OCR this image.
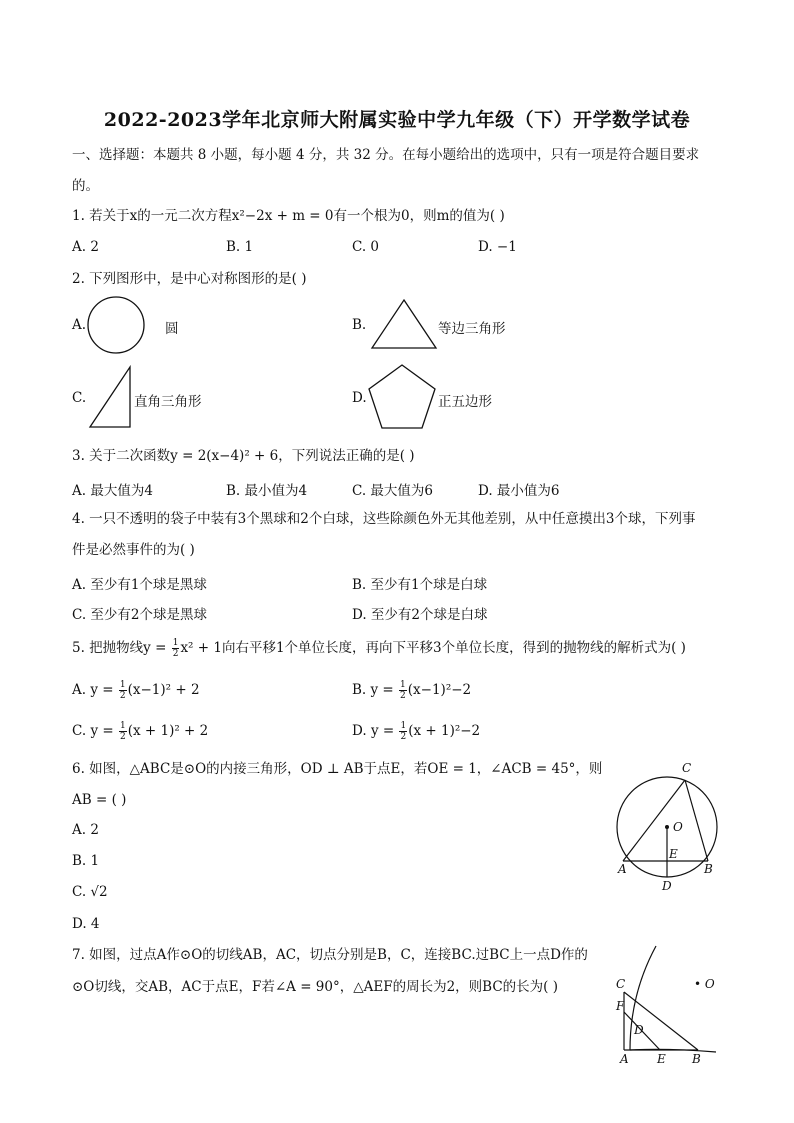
2022-2023学年北京师大附属实验中学九年级（下）开学数学试卷
一、选择题：本题共 8 小题，每小题 4 分，共 32 分。在每小题给出的选项中，只有一项是符合题目要求
的。
1. 若关于x的一元二次方程x²−2x + m = 0有一个根为0，则m的值为( )
A. 2	B. 1	C. 0	D. −1
2. 下列图形中，是中心对称图形的是( )
A.	圆	B.	等边三角形
C.	直角三角形	D.	正五边形
3. 关于二次函数y = 2(x−4)² + 6，下列说法正确的是( )
A. 最大值为4	B. 最小值为4	C. 最大值为6	D. 最小值为6
4. 一只不透明的袋子中装有3个黑球和2个白球，这些除颜色外无其他差别，从中任意摸出3个球，下列事
件是必然事件的为( )
A. 至少有1个球是黑球	B. 至少有1个球是白球
C. 至少有2个球是黑球	D. 至少有2个球是白球
5. 把抛物线$y = \frac{1}{2} x^2 + 1$向右平移1个单位长度，再向下平移3个单位长度，得到的抛物线的解析式为( )
A. $y = \frac{1}{2} (x-1)^2 + 2$	B. $y = \frac{1}{2} (x-1)^2-2$
C. $y = \frac{1}{2} (x + 1)^2 + 2$	D. $y = \frac{1}{2} (x + 1)^2-2$
6. 如图，△ABC是⊙O的内接三角形，OD ⊥ AB于点E，若OE = 1，∠ACB = 45°，则
AB = ( )
A. 2
B. 1
C. √2
D. 4
C
O
E
A	B
D
7. 如图，过点A作⊙O的切线AB，AC，切点分别是B，C，连接BC.过BC上一点D作的
⊙O切线，交AB，AC于点E，F若∠A = 90°，△AEF的周长为2，则BC的长为( )	C	• O
F
D
A E B
